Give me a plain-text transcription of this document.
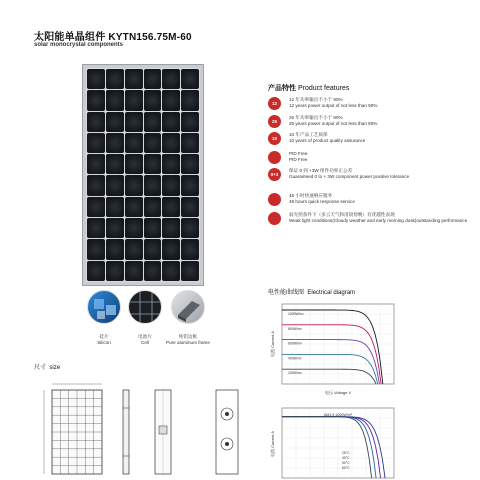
太阳能单晶组件 KYTN156.75M-60
solar monocrystal components
产品特性 Product features
12
12 年功率输出不小于 90%
12 years power output of not less than 90%
25
25 年功率输出不小于 80%
25 years power output of not less than 80%
10
10 年产品工艺质保
10 years of product quality assurance
PID Free
PID Free
0+3
保证 0 到 +3W 组件功率正公差
Guaranteed 0 to + 3W component power positive tolerance
48 小时快速响应服务
48 hours quick response service
弱光照条件下（多云天气和清晨傍晚）有优越性表现
Weak light conditions(Cloudy weather and early morning dusk)outstanding performance
硅片
Silicon
电池片
Cell
纯铝边框
Pure aluminum frame
尺寸 size
电性能曲线图 Electrical diagram
1000W/m²
800W/m²
600W/m²
400W/m²
200W/m²
电压 Voltage V
电流 Current A
25°C
40°C
50°C
60°C
AM1.5 1000W/m²
电流 Current A
